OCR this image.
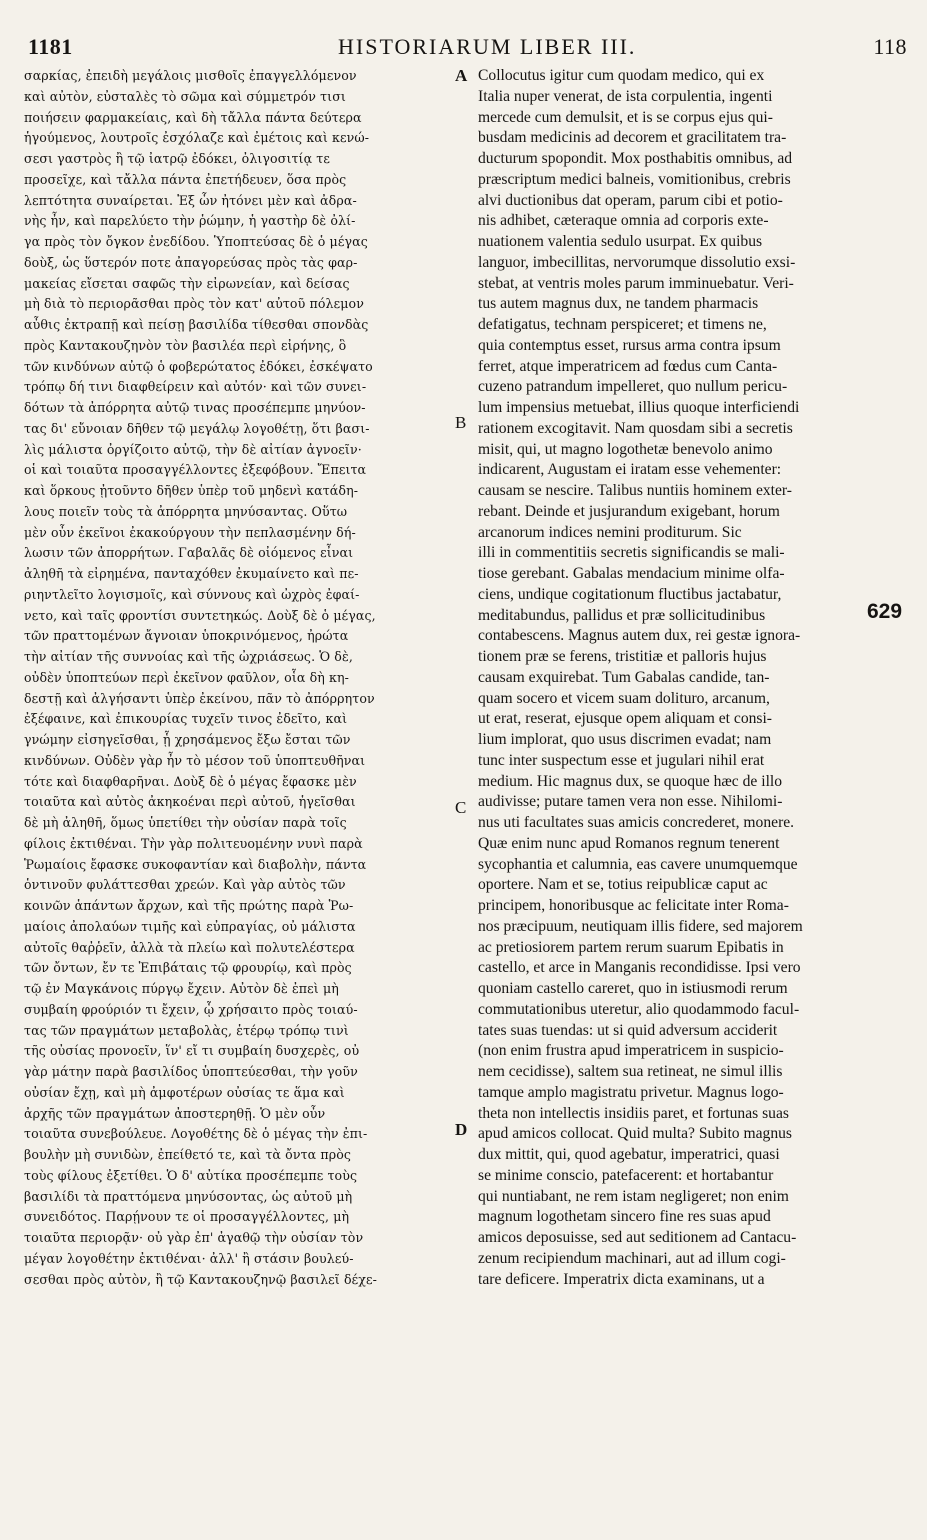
1181	HISTORIARUM LIBER III.	118
σαρκίας, ἐπειδὴ μεγάλοις μισθοῖς ἐπαγγελλόμενον
καὶ αὐτὸν, εὐσταλὲς τὸ σῶμα καὶ σύμμετρόν τισι
ποιήσειν φαρμακείαις, καὶ δὴ τἄλλα πάντα δεύτερα
ἡγούμενος, λουτροῖς ἐσχόλαζε καὶ ἐμέτοις καὶ κενώ-
σεσι γαστρὸς ἢ τῷ ἰατρῷ ἐδόκει, ὀλιγοσιτίᾳ τε
προσεῖχε, καὶ τἄλλα πάντα ἐπετήδευεν, ὅσα πρὸς
λεπτότητα συναίρεται. Ἐξ ὧν ἠτόνει μὲν καὶ ἀδρα-
νὴς ἦν, καὶ παρελύετο τὴν ῥώμην, ἡ γαστὴρ δὲ ὀλί-
γα πρὸς τὸν ὄγκον ἐνεδίδου. Ὑποπτεύσας δὲ ὁ μέγας
δοὺξ, ὡς ὕστερόν ποτε ἀπαγορεύσας πρὸς τὰς φαρ-
μακείας εἴσεται σαφῶς τὴν εἰρωνείαν, καὶ δείσας
μὴ διὰ τὸ περιορᾶσθαι πρὸς τὸν κατ' αὐτοῦ πόλεμον
αὖθις ἐκτραπῇ καὶ πείσῃ βασιλίδα τίθεσθαι σπονδὰς
πρὸς Καντακουζηνὸν τὸν βασιλέα περὶ εἰρήνης, ὃ
τῶν κινδύνων αὐτῷ ὁ φοβερώτατος ἐδόκει, ἐσκέψατο
τρόπῳ δή τινι διαφθείρειν καὶ αὐτόν· καὶ τῶν συνει-
δότων τὰ ἀπόρρητα αὐτῷ τινας προσέπεμπε μηνύον-
τας δι' εὔνοιαν δῆθεν τῷ μεγάλῳ λογοθέτῃ, ὅτι βασι-
λὶς μάλιστα ὀργίζοιτο αὐτῷ, τὴν δὲ αἰτίαν ἀγνοεῖν·
οἱ καὶ τοιαῦτα προσαγγέλλοντες ἐξεφόβουν. Ἔπειτα
καὶ ὅρκους ᾐτοῦντο δῆθεν ὑπὲρ τοῦ μηδενὶ κατάδη-
λους ποιεῖν τοὺς τὰ ἀπόρρητα μηνύσαντας. Οὕτω
μὲν οὖν ἐκεῖνοι ἐκακούργουν τὴν πεπλασμένην δή-
λωσιν τῶν ἀπορρήτων. Γαβαλᾶς δὲ οἰόμενος εἶναι
ἀληθῆ τὰ εἰρημένα, πανταχόθεν ἐκυμαίνετο καὶ πε-
ριηντλεῖτο λογισμοῖς, καὶ σύννους καὶ ὠχρὸς ἐφαί-
νετο, καὶ ταῖς φροντίσι συντετηκώς. Δοὺξ δὲ ὁ μέγας,
τῶν πραττομένων ἄγνοιαν ὑποκρινόμενος, ἠρώτα
τὴν αἰτίαν τῆς συννοίας καὶ τῆς ὠχριάσεως. Ὁ δὲ,
οὐδὲν ὑποπτεύων περὶ ἐκεῖνον φαῦλον, οἷα δὴ κη-
δεστῇ καὶ ἀλγήσαντι ὑπὲρ ἐκείνου, πᾶν τὸ ἀπόρρητον
ἐξέφαινε, καὶ ἐπικουρίας τυχεῖν τινος ἐδεῖτο, καὶ
γνώμην εἰσηγεῖσθαι, ᾗ χρησάμενος ἔξω ἔσται τῶν
κινδύνων. Οὐδὲν γὰρ ἦν τὸ μέσον τοῦ ὑποπτευθῆναι
τότε καὶ διαφθαρῆναι. Δοὺξ δὲ ὁ μέγας ἔφασκε μὲν
τοιαῦτα καὶ αὐτὸς ἀκηκοέναι περὶ αὐτοῦ, ἡγεῖσθαι
δὲ μὴ ἀληθῆ, ὅμως ὑπετίθει τὴν οὐσίαν παρὰ τοῖς
φίλοις ἐκτιθέναι. Τὴν γὰρ πολιτευομένην νυνὶ παρὰ
Ῥωμαίοις ἔφασκε συκοφαντίαν καὶ διαβολὴν, πάντα
ὁντινοῦν φυλάττεσθαι χρεών. Καὶ γὰρ αὐτὸς τῶν
κοινῶν ἁπάντων ἄρχων, καὶ τῆς πρώτης παρὰ Ῥω-
μαίοις ἀπολαύων τιμῆς καὶ εὐπραγίας, οὐ μάλιστα
αὐτοῖς θαῤῥεῖν, ἀλλὰ τὰ πλείω καὶ πολυτελέστερα
τῶν ὄντων, ἔν τε Ἐπιβάταις τῷ φρουρίῳ, καὶ πρὸς
τῷ ἐν Μαγκάνοις πύργῳ ἔχειν. Αὐτὸν δὲ ἐπεὶ μὴ
συμβαίη φρούριόν τι ἔχειν, ᾧ χρήσαιτο πρὸς τοιαύ-
τας τῶν πραγμάτων μεταβολὰς, ἑτέρῳ τρόπῳ τινὶ
τῆς οὐσίας προνοεῖν, ἵν' εἴ τι συμβαίη δυσχερὲς, οὐ
γὰρ μάτην παρὰ βασιλίδος ὑποπτεύεσθαι, τὴν γοῦν
οὐσίαν ἔχῃ, καὶ μὴ ἀμφοτέρων οὐσίας τε ἅμα καὶ
ἀρχῆς τῶν πραγμάτων ἀποστερηθῇ. Ὁ μὲν οὖν
τοιαῦτα συνεβούλευε. Λογοθέτης δὲ ὁ μέγας τὴν ἐπι-
βουλὴν μὴ συνιδὼν, ἐπείθετό τε, καὶ τὰ ὄντα πρὸς
τοὺς φίλους ἐξετίθει. Ὁ δ' αὐτίκα προσέπεμπε τοὺς
βασιλίδι τὰ πραττόμενα μηνύσοντας, ὡς αὐτοῦ μὴ
συνειδότος. Παρῄνουν τε οἱ προσαγγέλλοντες, μὴ
τοιαῦτα περιορᾷν· οὐ γὰρ ἐπ' ἀγαθῷ τὴν οὐσίαν τὸν
μέγαν λογοθέτην ἐκτιθέναι· ἀλλ' ἢ στάσιν βουλεύ-
σεσθαι πρὸς αὐτὸν, ἢ τῷ Καντακουζηνῷ βασιλεῖ δέχε-
Collocutus igitur cum quodam medico, qui ex
Italia nuper venerat, de ista corpulentia, ingenti
mercede cum demulsit, et is se corpus ejus qui-
busdam medicinis ad decorem et gracilitatem tra-
ducturum spopondit. Mox posthabitis omnibus, ad
præscriptum medici balneis, vomitionibus, crebris
alvi ductionibus dat operam, parum cibi et potio-
nis adhibet, cæteraque omnia ad corporis exte-
nuationem valentia sedulo usurpat. Ex quibus
languor, imbecillitas, nervorumque dissolutio exsi-
stebat, at ventris moles parum imminuebatur. Veri-
tus autem magnus dux, ne tandem pharmacis
defatigatus, technam perspiceret; et timens ne,
quia contemptus esset, rursus arma contra ipsum
ferret, atque imperatricem ad fœdus cum Canta-
cuzeno patrandum impelleret, quo nullum pericu-
lum impensius metuebat, illius quoque interficiendi
rationem excogitavit. Nam quosdam sibi a secretis
misit, qui, ut magno logothetæ benevolo animo
indicarent, Augustam ei iratam esse vehementer:
causam se nescire. Talibus nuntiis hominem exter-
rebant. Deinde et jusjurandum exigebant, horum
arcanorum indices nemini proditurum. Sic
illi in commentitiis secretis significandis se mali-
tiose gerebant. Gabalas mendacium minime olfa-
ciens, undique cogitationum fluctibus jactabatur,
meditabundus, pallidus et præ sollicitudinibus
contabescens. Magnus autem dux, rei gestæ ignora-
tionem præ se ferens, tristitiæ et palloris hujus
causam exquirebat. Tum Gabalas candide, tan-
quam socero et vicem suam dolituro, arcanum,
ut erat, reserat, ejusque opem aliquam et consi-
lium implorat, quo usus discrimen evadat; nam
tunc inter suspectum esse et jugulari nihil erat
medium. Hic magnus dux, se quoque hæc de illo
audivisse; putare tamen vera non esse. Nihilomi-
nus uti facultates suas amicis concrederet, monere.
Quæ enim nunc apud Romanos regnum tenerent
sycophantia et calumnia, eas cavere unumquemque
oportere. Nam et se, totius reipublicæ caput ac
principem, honoribusque ac felicitate inter Roma-
nos præcipuum, neutiquam illis fidere, sed majorem
ac pretiosiorem partem rerum suarum Epibatis in
castello, et arce in Manganis recondidisse. Ipsi vero
quoniam castello careret, quo in istiusmodi rerum
commutationibus uteretur, alio quodammodo facul-
tates suas tuendas: ut si quid adversum acciderit
(non enim frustra apud imperatricem in suspicio-
nem cecidisse), saltem sua retineat, ne simul illis
tamque amplo magistratu privetur. Magnus logo-
theta non intellectis insidiis paret, et fortunas suas
apud amicos collocat. Quid multa? Subito magnus
dux mittit, qui, quod agebatur, imperatrici, quasi
se minime conscio, patefacerent: et hortabantur
qui nuntiabant, ne rem istam negligeret; non enim
magnum logothetam sincero fine res suas apud
amicos deposuisse, sed aut seditionem ad Cantacu-
zenum recipiendum machinari, aut ad illum cogi-
tare deficere. Imperatrix dicta examinans, ut a
A
B
C
D
629
